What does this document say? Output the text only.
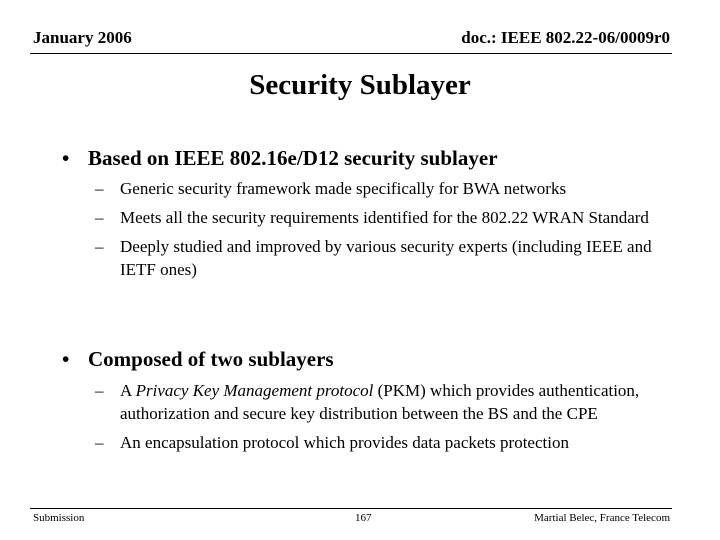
January 2006	doc.: IEEE 802.22-06/0009r0
Security Sublayer
• Based on IEEE 802.16e/D12 security sublayer
– Generic security framework made specifically for BWA networks
– Meets all the security requirements identified for the 802.22 WRAN Standard
– Deeply studied and improved by various security experts (including IEEE and IETF ones)
• Composed of two sublayers
– A Privacy Key Management protocol (PKM) which provides authentication, authorization and secure key distribution between the BS and the CPE
– An encapsulation protocol which provides data packets protection
Submission	167	Martial Belec, France Telecom
